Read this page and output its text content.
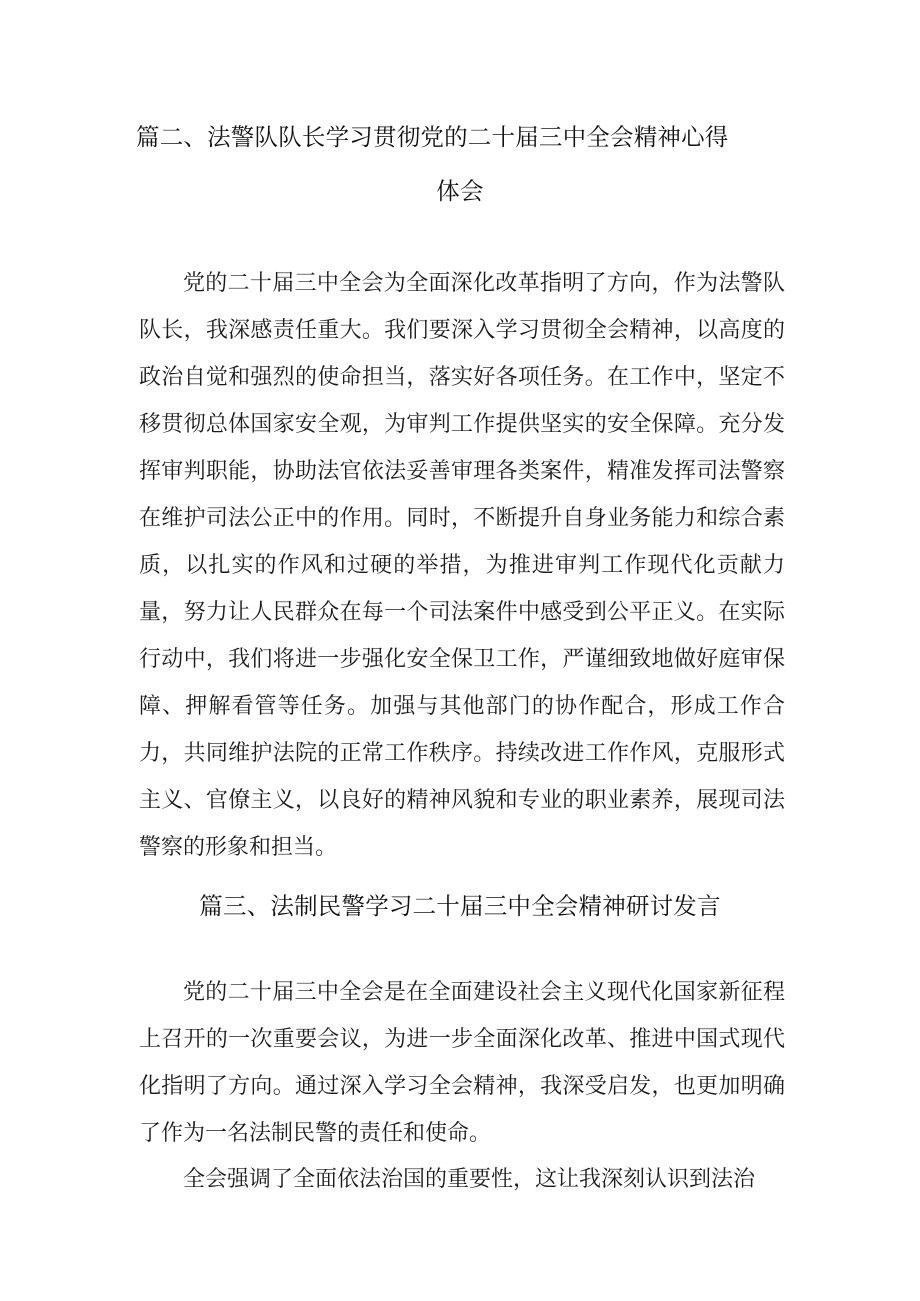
篇二、法警队队长学习贯彻党的二十届三中全会精神心得
体会

党的二十届三中全会为全面深化改革指明了方向，作为法警队队长，我深感责任重大。我们要深入学习贯彻全会精神，以高度的政治自觉和强烈的使命担当，落实好各项任务。在工作中，坚定不移贯彻总体国家安全观，为审判工作提供坚实的安全保障。充分发挥审判职能，协助法官依法妥善审理各类案件，精准发挥司法警察在维护司法公正中的作用。同时，不断提升自身业务能力和综合素质，以扎实的作风和过硬的举措，为推进审判工作现代化贡献力量，努力让人民群众在每一个司法案件中感受到公平正义。在实际行动中，我们将进一步强化安全保卫工作，严谨细致地做好庭审保障、押解看管等任务。加强与其他部门的协作配合，形成工作合力，共同维护法院的正常工作秩序。持续改进工作作风，克服形式主义、官僚主义，以良好的精神风貌和专业的职业素养，展现司法警察的形象和担当。

篇三、法制民警学习二十届三中全会精神研讨发言

党的二十届三中全会是在全面建设社会主义现代化国家新征程上召开的一次重要会议，为进一步全面深化改革、推进中国式现代化指明了方向。通过深入学习全会精神，我深受启发，也更加明确了作为一名法制民警的责任和使命。

全会强调了全面依法治国的重要性，这让我深刻认识到法治
